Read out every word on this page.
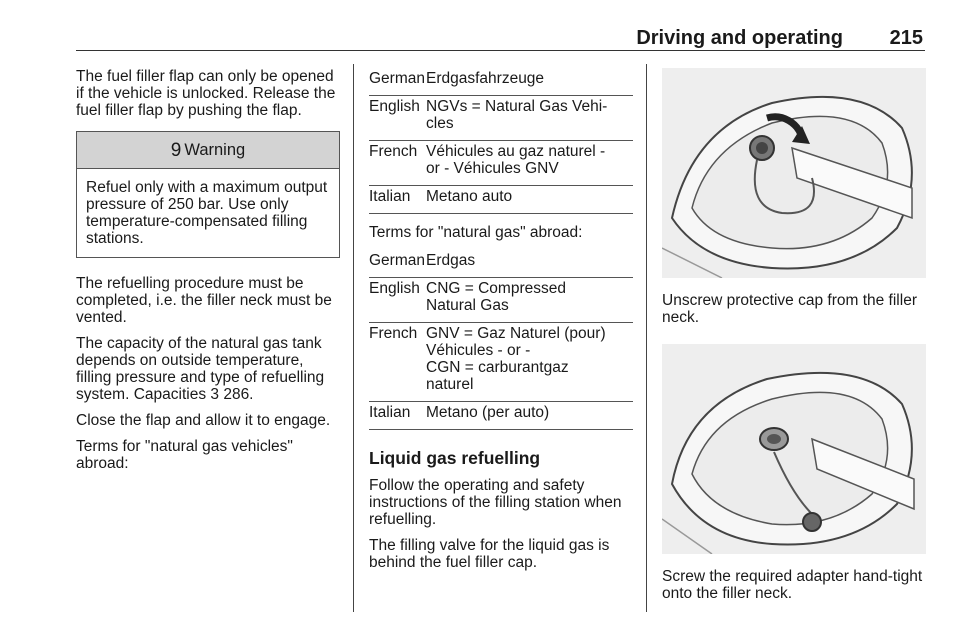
Driving and operating 215

The fuel filler flap can only be opened if the vehicle is unlocked. Release the fuel filler flap by pushing the flap.

9 Warning
Refuel only with a maximum output pressure of 250 bar. Use only temperature-compensated filling stations.

The refuelling procedure must be completed, i.e. the filler neck must be vented.

The capacity of the natural gas tank depends on outside temperature, filling pressure and type of refuelling system. Capacities 3 286.

Close the flap and allow it to engage.

Terms for "natural gas vehicles" abroad:

German	Erdgasfahrzeuge
English	NGVs = Natural Gas Vehi-
cles
French	Véhicules au gaz naturel -
or - Véhicules GNV
Italian	Metano auto

Terms for "natural gas" abroad:

German	Erdgas
English	CNG = Compressed
Natural Gas
French	GNV = Gaz Naturel (pour)
Véhicules - or -
CGN = carburantgaz
naturel
Italian	Metano (per auto)
Liquid gas refuelling

Follow the operating and safety instructions of the filling station when refuelling.

The filling valve for the liquid gas is behind the fuel filler cap.

Unscrew protective cap from the filler neck.

Screw the required adapter hand-tight onto the filler neck.
